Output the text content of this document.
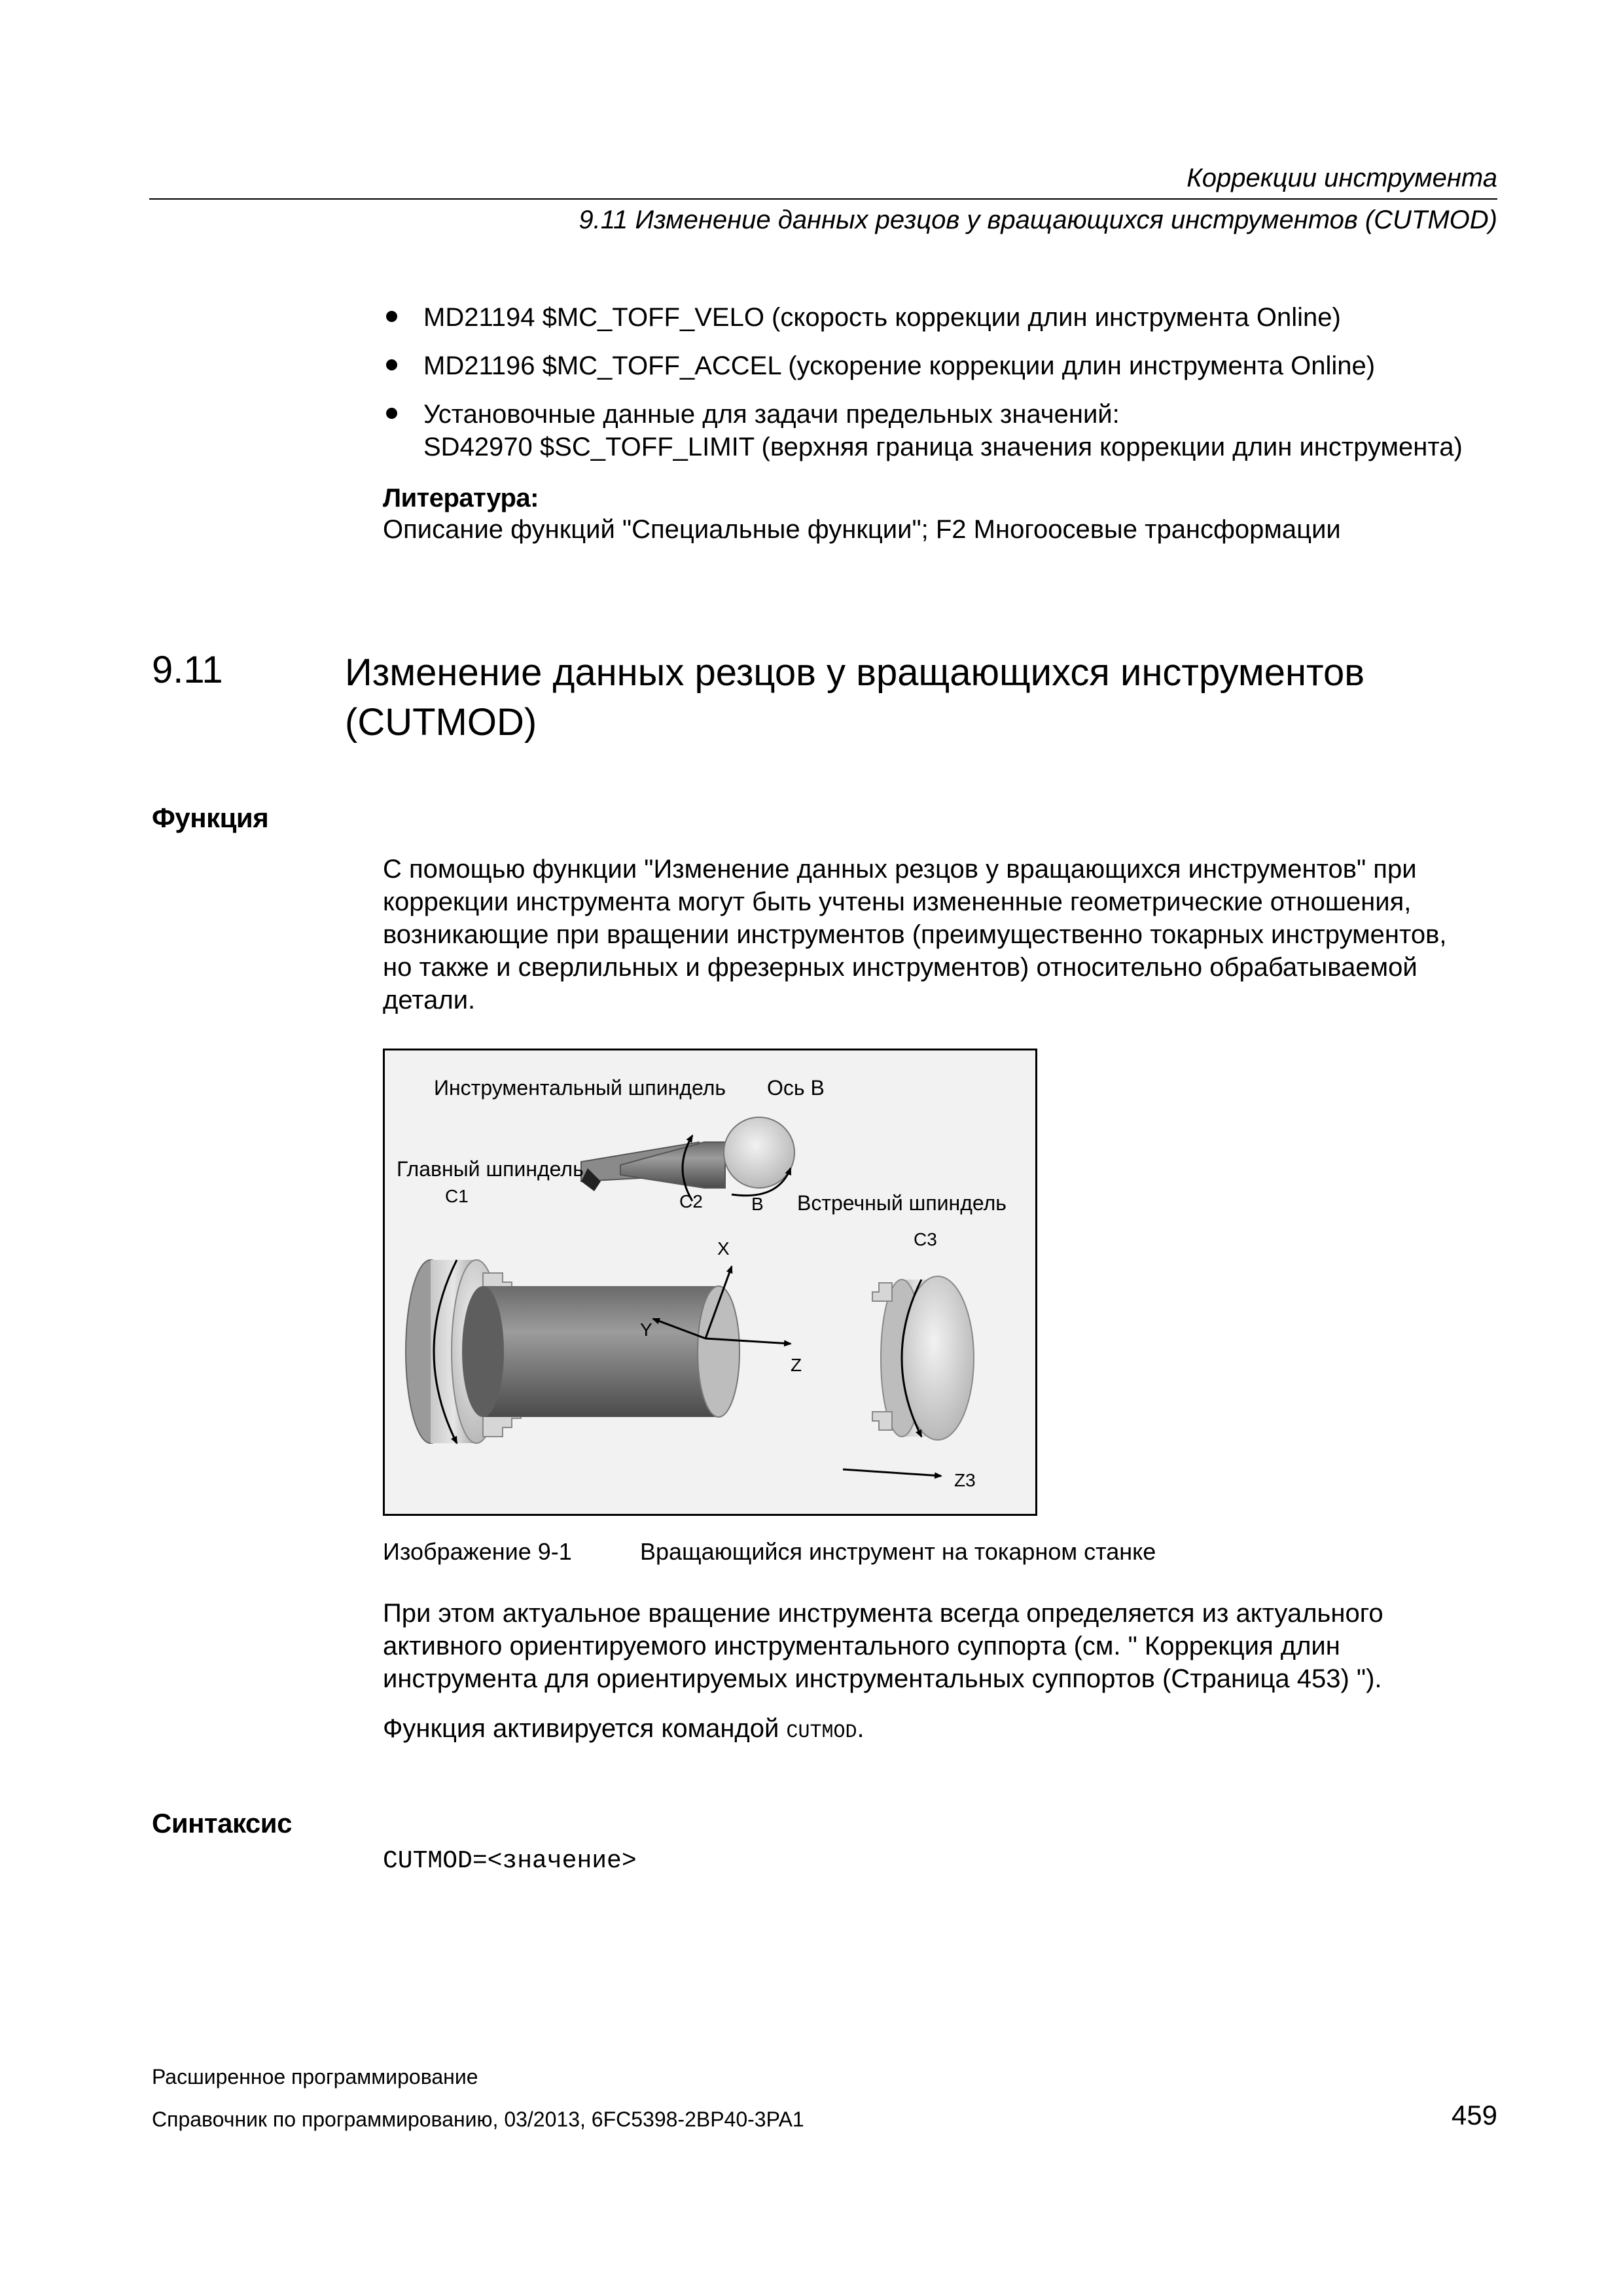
Коррекции инструмента
9.11 Изменение данных резцов у вращающихся инструментов (CUTMOD)
MD21194 $MC_TOFF_VELO (скорость коррекции длин инструмента Online)
MD21196 $MC_TOFF_ACCEL (ускорение коррекции длин инструмента Online)
Установочные данные для задачи предельных значений:
SD42970 $SC_TOFF_LIMIT (верхняя граница значения коррекции длин инструмента)
Литература:
Описание функций "Специальные функции"; F2 Многоосевые трансформации
9.11	Изменение данных резцов у вращающихся инструментов
(CUTMOD)
Функция
С помощью функции "Изменение данных резцов у вращающихся инструментов" при
коррекции инструмента могут быть учтены измененные геометрические отношения,
возникающие при вращении инструментов (преимущественно токарных инструментов,
но также и сверлильных и фрезерных инструментов) относительно обрабатываемой
детали.
Инструментальный шпиндель Ось B
Главный шпиндель
C1	C2	B Встречный шпиндель
C3
X
Y
Z
Z3
Изображение 9-1	Вращающийся инструмент на токарном станке
При этом актуальное вращение инструмента всегда определяется из актуального
активного ориентируемого инструментального суппорта (см. " Коррекция длин
инструмента для ориентируемых инструментальных суппортов (Страница 453) ").
Функция активируется командой CUTMOD.
Синтаксис
CUTMOD=<значение>
Расширенное программирование
Справочник по программированию, 03/2013, 6FC5398-2BP40-3PA1	459
